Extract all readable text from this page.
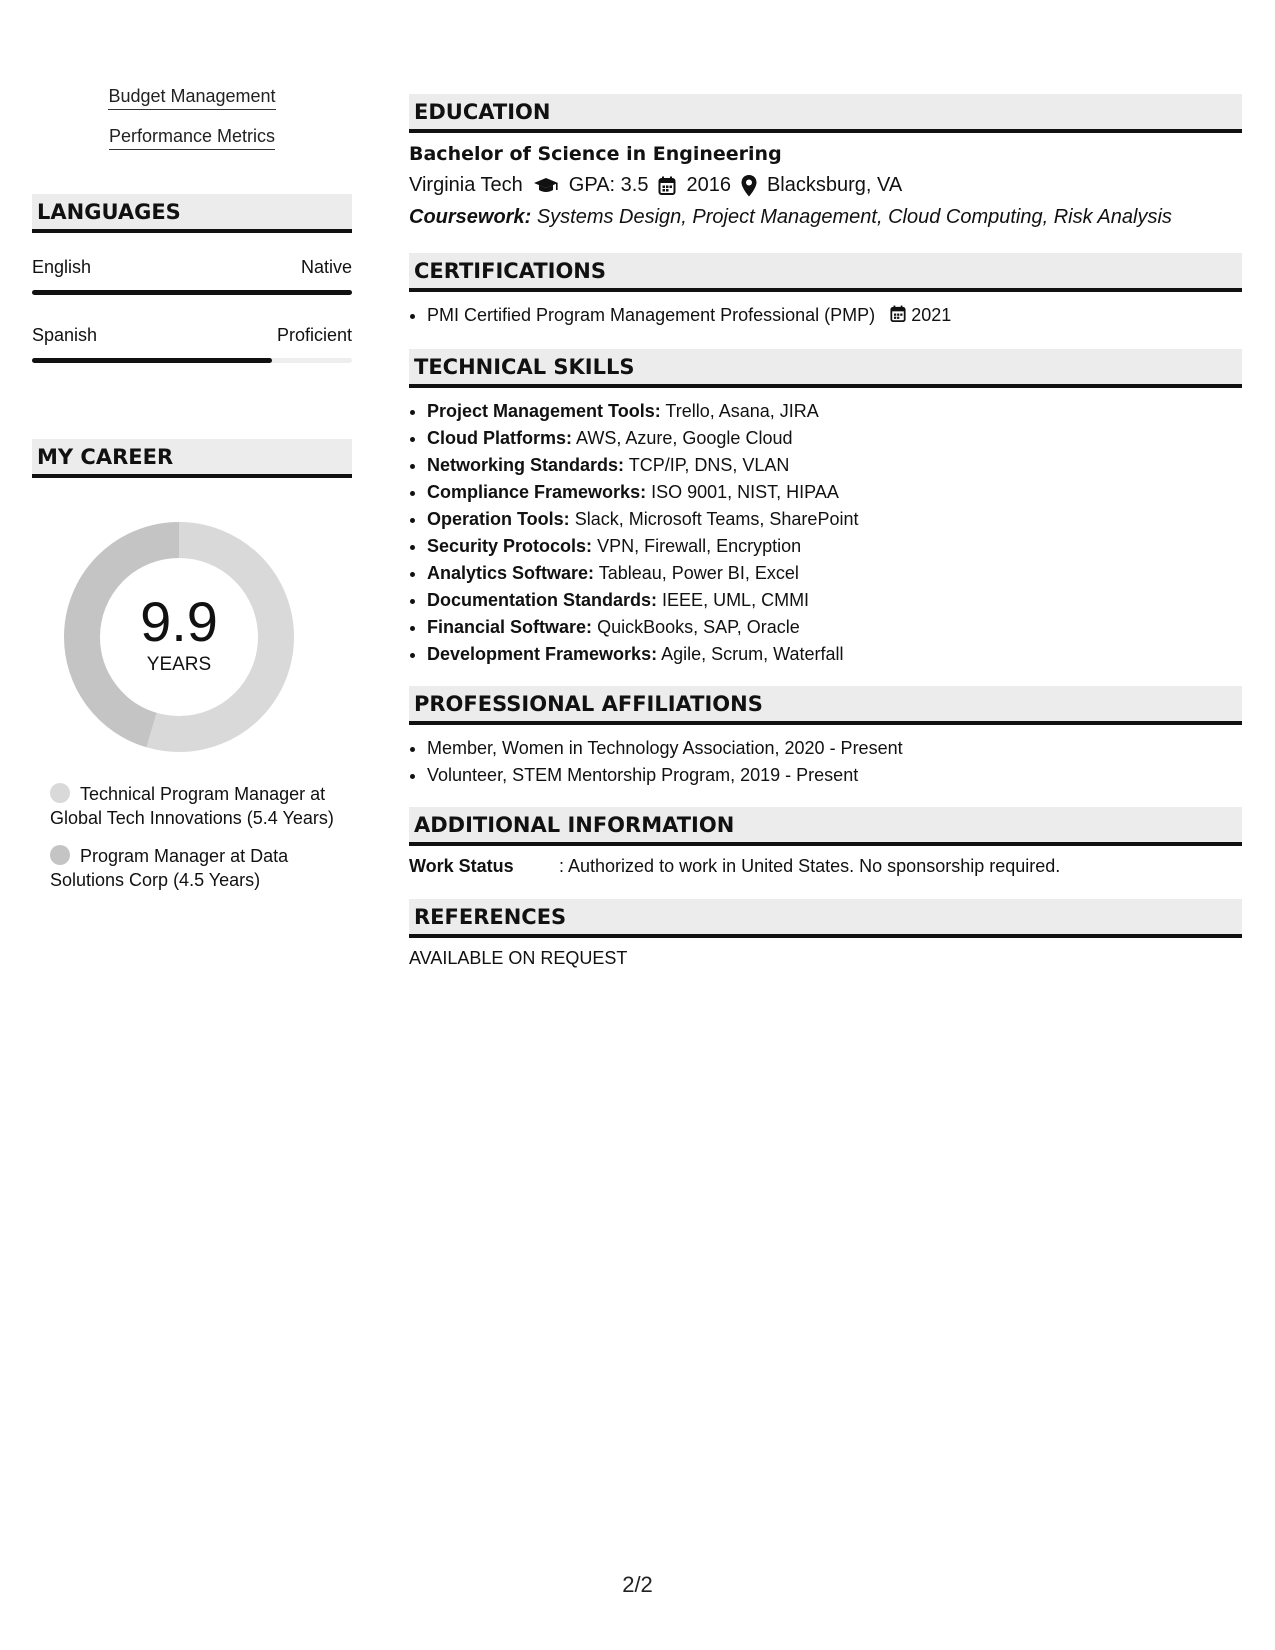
Budget Management
Performance Metrics
LANGUAGES
English	Native
Spanish	Proficient
MY CAREER
9.9
YEARS
Technical Program Manager at Global Tech Innovations (5.4 Years)
Program Manager at Data Solutions Corp (4.5 Years)
EDUCATION
Bachelor of Science in Engineering
Virginia Tech GPA: 3.5 2016 Blacksburg, VA
Coursework: Systems Design, Project Management, Cloud Computing, Risk Analysis
CERTIFICATIONS
• PMI Certified Program Management Professional (PMP) 2021
TECHNICAL SKILLS
• Project Management Tools: Trello, Asana, JIRA
• Cloud Platforms: AWS, Azure, Google Cloud
• Networking Standards: TCP/IP, DNS, VLAN
• Compliance Frameworks: ISO 9001, NIST, HIPAA
• Operation Tools: Slack, Microsoft Teams, SharePoint
• Security Protocols: VPN, Firewall, Encryption
• Analytics Software: Tableau, Power BI, Excel
• Documentation Standards: IEEE, UML, CMMI
• Financial Software: QuickBooks, SAP, Oracle
• Development Frameworks: Agile, Scrum, Waterfall
PROFESSIONAL AFFILIATIONS
• Member, Women in Technology Association, 2020 - Present
• Volunteer, STEM Mentorship Program, 2019 - Present
ADDITIONAL INFORMATION
Work Status	: Authorized to work in United States. No sponsorship required.
REFERENCES
AVAILABLE ON REQUEST
2/2
